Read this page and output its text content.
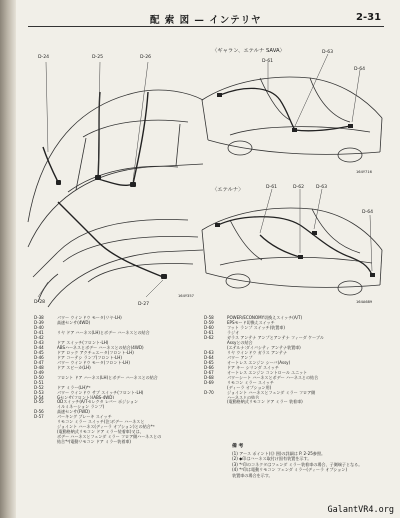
配 索 図 — インテリヤ	2-31
D-24	D-25	D-26
D-28	D-27
164Y357
〈ギャラン、エテルナ SAVA〉
D-61
D-63
D-64
164Y716
〈エテルナ〉	D-61	D-62	D-63
D-64
164A689
D-38	パワー ウインドウ モータ(リヤ-LH)
D-39	高速センサ(4WD)
D-40
D-41	リヤ ドア ハーネス(LH)とボデー ハーネスとの結合
D-42
D-43	ドア スイッチ(フロント-LH)
D-44	ABSハーネスとボデー ハーネスとの結合(4WD)
D-45	ドア ロック アクチュエータ(フロント-LH)
D-46	ドア コーテシ ランプ(フロント-LH)
D-47	パワー ウインドウ モータ(フロント-LH)
D-48	ドア スピーカ(LH)
D-49
D-50	フロント ドア ハーネス(LH)とボデー ハーネスとの結合
D-51
D-52	ドア ミラー(LH)*²
D-53	パワー ウインドウ サブ スイッチ(フロント-LH)
D-54	Gセンサ(フロント)(ABS-4WD)
D-55	ODスイッチ(A/Tセレクタ レバー ポジション
イルミネーション ランプ)
D-56	高速センサ(FWD)
D-57	パーキング ブレーキ スイッチ
リモコン ミラー スイッチ(注:ボデー ハーネスと
ジョイント ハーネス(ディーラ オプション)との結合*³
(電動格納式リモコン ドア ミラー装着車)又は、
ボデー ハーネスとフェンダ ミラー フロア側ハーネスとの
結合*⁴(電動リモコン ドア ミラー装着車)
D-58	POWER/ECONOMY切換えスイッチ(A/T)
D-59	EPSモード切換えスイッチ
D-60	フット ランプ スイッチ(装置車)
D-61	ラジオ
D-62	ガラス アンテナ アンプとアンテナ フィーダ ケーブル
Assyとの結合
(エテルナ:ダイバシティ アンテナ装置車)
D-63	リヤ ウインドウ ガラス アンテナ
D-64	パワー アンプ
D-65	オートレス エンジン シーバ(Assy)
D-66	ドア キー シリンダ スイッチ
D-67	オートレス エンジン コントロール ユニット
D-68	パワーシート ハーネスとボデー ハーネスとの結合
D-69	リモコン ミラー スイッチ
(ディーラ オプション用)
D-70	ジョイント ハーネスとフェンダ ミラー フロア側
ハーネスとの結合
(電動格納式リモコン ドア ミラー 装着車)
備 考
(1) アース ポイント(⑬ 囲)の詳細は P. 2-25参照。
(2) ◆印はハーネス取付け固有装置を示す。
(3) *²印のコネクタはフェンダ ミラー装着車の場合、子側端子となる。
(4) *³印は電動リモコン フェンダ ミラー(ディーラ オプション)
装置車の場合を示す。
GalantVR4.org
